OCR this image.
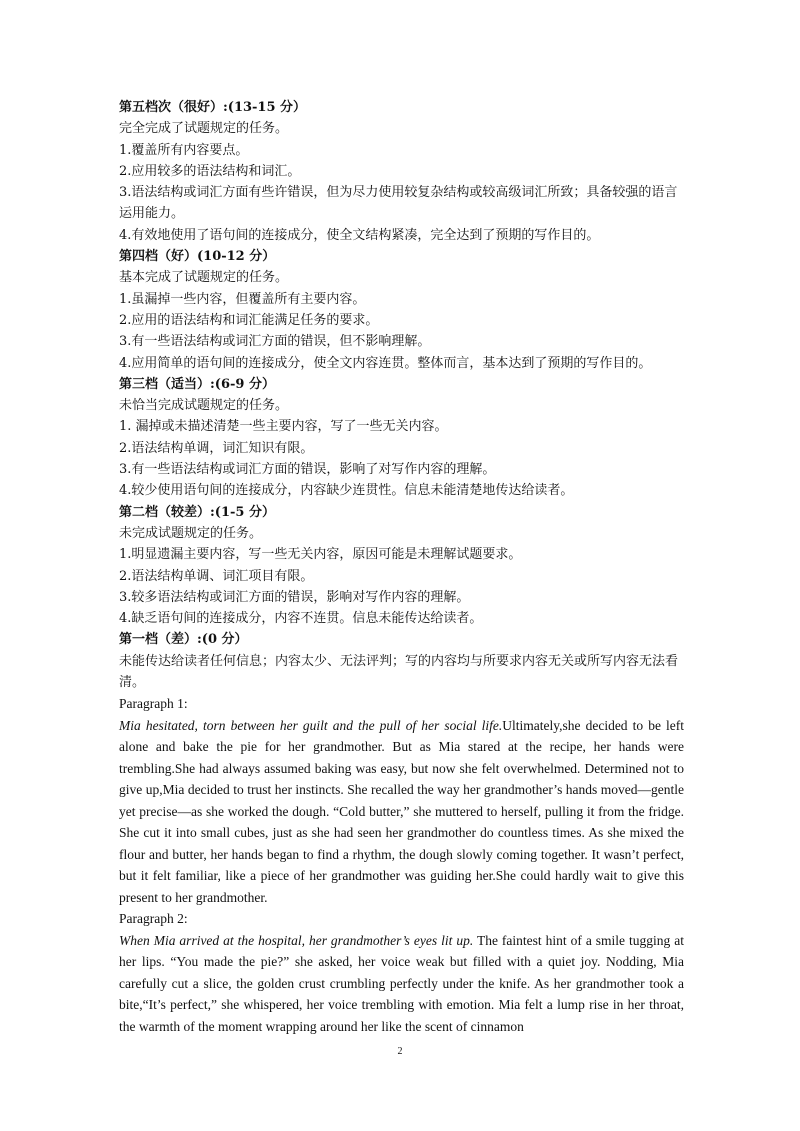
第五档次（很好）:(13-15 分）
完全完成了试题规定的任务。
1.覆盖所有内容要点。
2.应用较多的语法结构和词汇。
3.语法结构或词汇方面有些许错误，但为尽力使用较复杂结构或较高级词汇所致；具备较强的语言运用能力。
4.有效地使用了语句间的连接成分，使全文结构紧凑，完全达到了预期的写作目的。
第四档（好）(10-12 分）
基本完成了试题规定的任务。
1.虽漏掉一些内容，但覆盖所有主要内容。
2.应用的语法结构和词汇能满足任务的要求。
3.有一些语法结构或词汇方面的错误，但不影响理解。
4.应用简单的语句间的连接成分，使全文内容连贯。整体而言，基本达到了预期的写作目的。
第三档（适当）:(6-9 分）
未恰当完成试题规定的任务。
1. 漏掉或未描述清楚一些主要内容，写了一些无关内容。
2.语法结构单调，词汇知识有限。
3.有一些语法结构或词汇方面的错误，影响了对写作内容的理解。
4.较少使用语句间的连接成分，内容缺少连贯性。信息未能清楚地传达给读者。
第二档（较差）:(1-5 分）
未完成试题规定的任务。
1.明显遗漏主要内容，写一些无关内容，原因可能是未理解试题要求。
2.语法结构单调、词汇项目有限。
3.较多语法结构或词汇方面的错误，影响对写作内容的理解。
4.缺乏语句间的连接成分，内容不连贯。信息未能传达给读者。
第一档（差）:(0 分）
未能传达给读者任何信息；内容太少、无法评判；写的内容均与所要求内容无关或所写内容无法看清。
Paragraph 1:
Mia hesitated, torn between her guilt and the pull of her social life.Ultimately,she decided to be left alone and bake the pie for her grandmother. But as Mia stared at the recipe, her hands were trembling.She had always assumed baking was easy, but now she felt overwhelmed. Determined not to give up,Mia decided to trust her instincts. She recalled the way her grandmother’s hands moved—gentle yet precise—as she worked the dough. “Cold butter,” she muttered to herself, pulling it from the fridge. She cut it into small cubes, just as she had seen her grandmother do countless times. As she mixed the flour and butter, her hands began to find a rhythm, the dough slowly coming together. It wasn’t perfect, but it felt familiar, like a piece of her grandmother was guiding her.She could hardly wait to give this present to her grandmother.
Paragraph 2:
When Mia arrived at the hospital, her grandmother’s eyes lit up. The faintest hint of a smile tugging at her lips. “You made the pie?” she asked, her voice weak but filled with a quiet joy. Nodding, Mia carefully cut a slice, the golden crust crumbling perfectly under the knife. As her grandmother took a bite,“It’s perfect,” she whispered, her voice trembling with emotion. Mia felt a lump rise in her throat, the warmth of the moment wrapping around her like the scent of cinnamon
2
